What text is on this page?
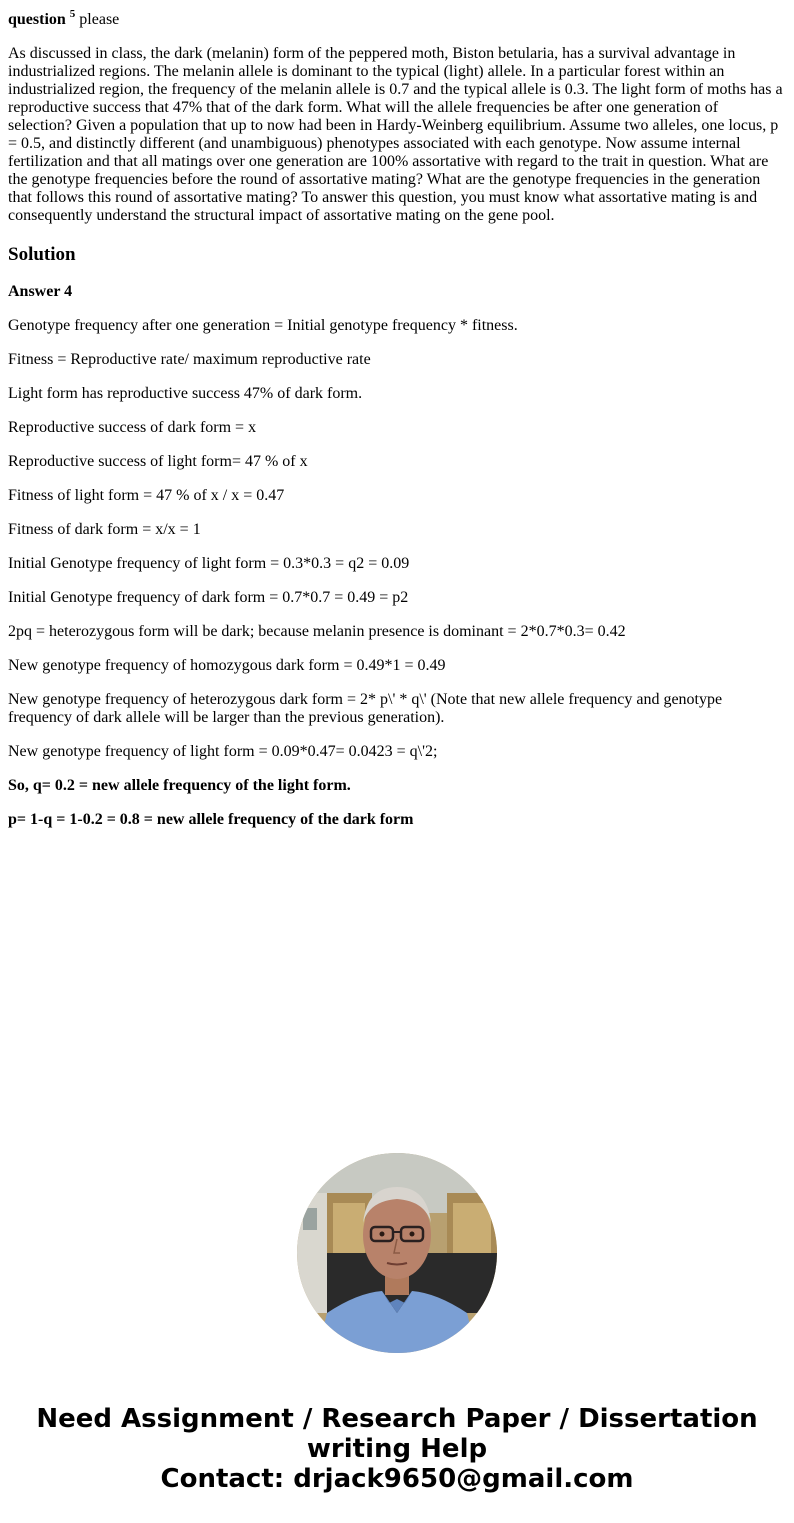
question $^5$ please
As discussed in class, the dark (melanin) form of the peppered moth, Biston betularia, has a survival advantage in industrialized regions. The melanin allele is dominant to the typical (light) allele. In a particular forest within an industrialized region, the frequency of the melanin allele is 0.7 and the typical allele is 0.3. The light form of moths has a reproductive success that 47% that of the dark form. What will the allele frequencies be after one generation of selection? Given a population that up to now had been in Hardy-Weinberg equilibrium. Assume two alleles, one locus, p = 0.5, and distinctly different (and unambiguous) phenotypes associated with each genotype. Now assume internal fertilization and that all matings over one generation are 100% assortative with regard to the trait in question. What are the genotype frequencies before the round of assortative mating? What are the genotype frequencies in the generation that follows this round of assortative mating? To answer this question, you must know what assortative mating is and consequently understand the structural impact of assortative mating on the gene pool.
Solution
Answer 4
Genotype frequency after one generation = Initial genotype frequency * fitness.
Fitness = Reproductive rate/ maximum reproductive rate
Light form has reproductive success 47% of dark form.
Reproductive success of dark form = x
Reproductive success of light form= 47 % of x
Fitness of light form = 47 % of x / x = 0.47
Fitness of dark form = x/x = 1
Initial Genotype frequency of light form = 0.3*0.3 = q2 = 0.09
Initial Genotype frequency of dark form = 0.7*0.7 = 0.49 = p2
2pq = heterozygous form will be dark; because melanin presence is dominant = 2*0.7*0.3= 0.42
New genotype frequency of homozygous dark form = 0.49*1 = 0.49
New genotype frequency of heterozygous dark form = 2* p\' * q\' (Note that new allele frequency and genotype frequency of dark allele will be larger than the previous generation).
New genotype frequency of light form = 0.09*0.47= 0.0423 = q\'2;
So, q= 0.2 = new allele frequency of the light form.
p= 1-q = 1-0.2 = 0.8 = new allele frequency of the dark form
Need Assignment / Research Paper / Dissertation
writing Help
Contact: drjack9650@gmail.com
